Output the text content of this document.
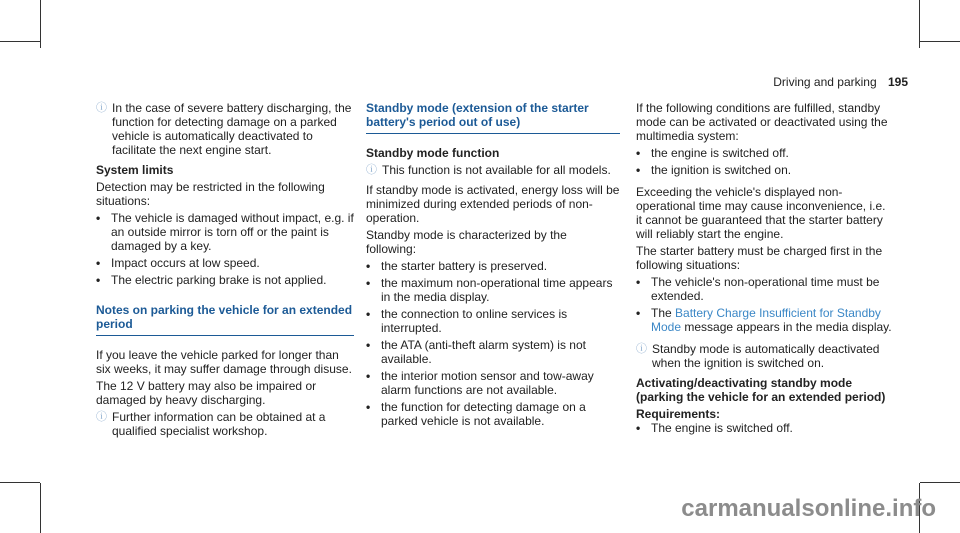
Driving and parking 195
ⓘ In the case of severe battery discharging, the function for detecting damage on a parked vehicle is automatically deactivated to facilitate the next engine start.
System limits

Detection may be restricted in the following situations:

• The vehicle is damaged without impact, e.g. if an outside mirror is torn off or the paint is damaged by a key.
• Impact occurs at low speed.
• The electric parking brake is not applied.
Notes on parking the vehicle for an extended period

If you leave the vehicle parked for longer than six weeks, it may suffer damage through disuse.

The 12 V battery may also be impaired or damaged by heavy discharging.

ⓘ Further information can be obtained at a qualified specialist workshop.
Standby mode (extension of the starter battery's period out of use)
Standby mode function
ⓘ This function is not available for all models.

If standby mode is activated, energy loss will be minimized during extended periods of non-operation.

Standby mode is characterized by the following:

• the starter battery is preserved.
• the maximum non-operational time appears in the media display.
• the connection to online services is interrupted.
• the ATA (anti-theft alarm system) is not available.
• the interior motion sensor and tow-away alarm functions are not available.
• the function for detecting damage on a parked vehicle is not available.

If the following conditions are fulfilled, standby mode can be activated or deactivated using the multimedia system:

• the engine is switched off.
• the ignition is switched on.

Exceeding the vehicle's displayed non-operational time may cause inconvenience, i.e. it cannot be guaranteed that the starter battery will reliably start the engine.

The starter battery must be charged first in the following situations:

• The vehicle's non-operational time must be extended.
• The Battery Charge Insufficient for Standby Mode message appears in the media display.
ⓘ Standby mode is automatically deactivated when the ignition is switched on.
Activating/deactivating standby mode (parking the vehicle for an extended period)
Requirements:
• The engine is switched off.
carmanualsonline.info
